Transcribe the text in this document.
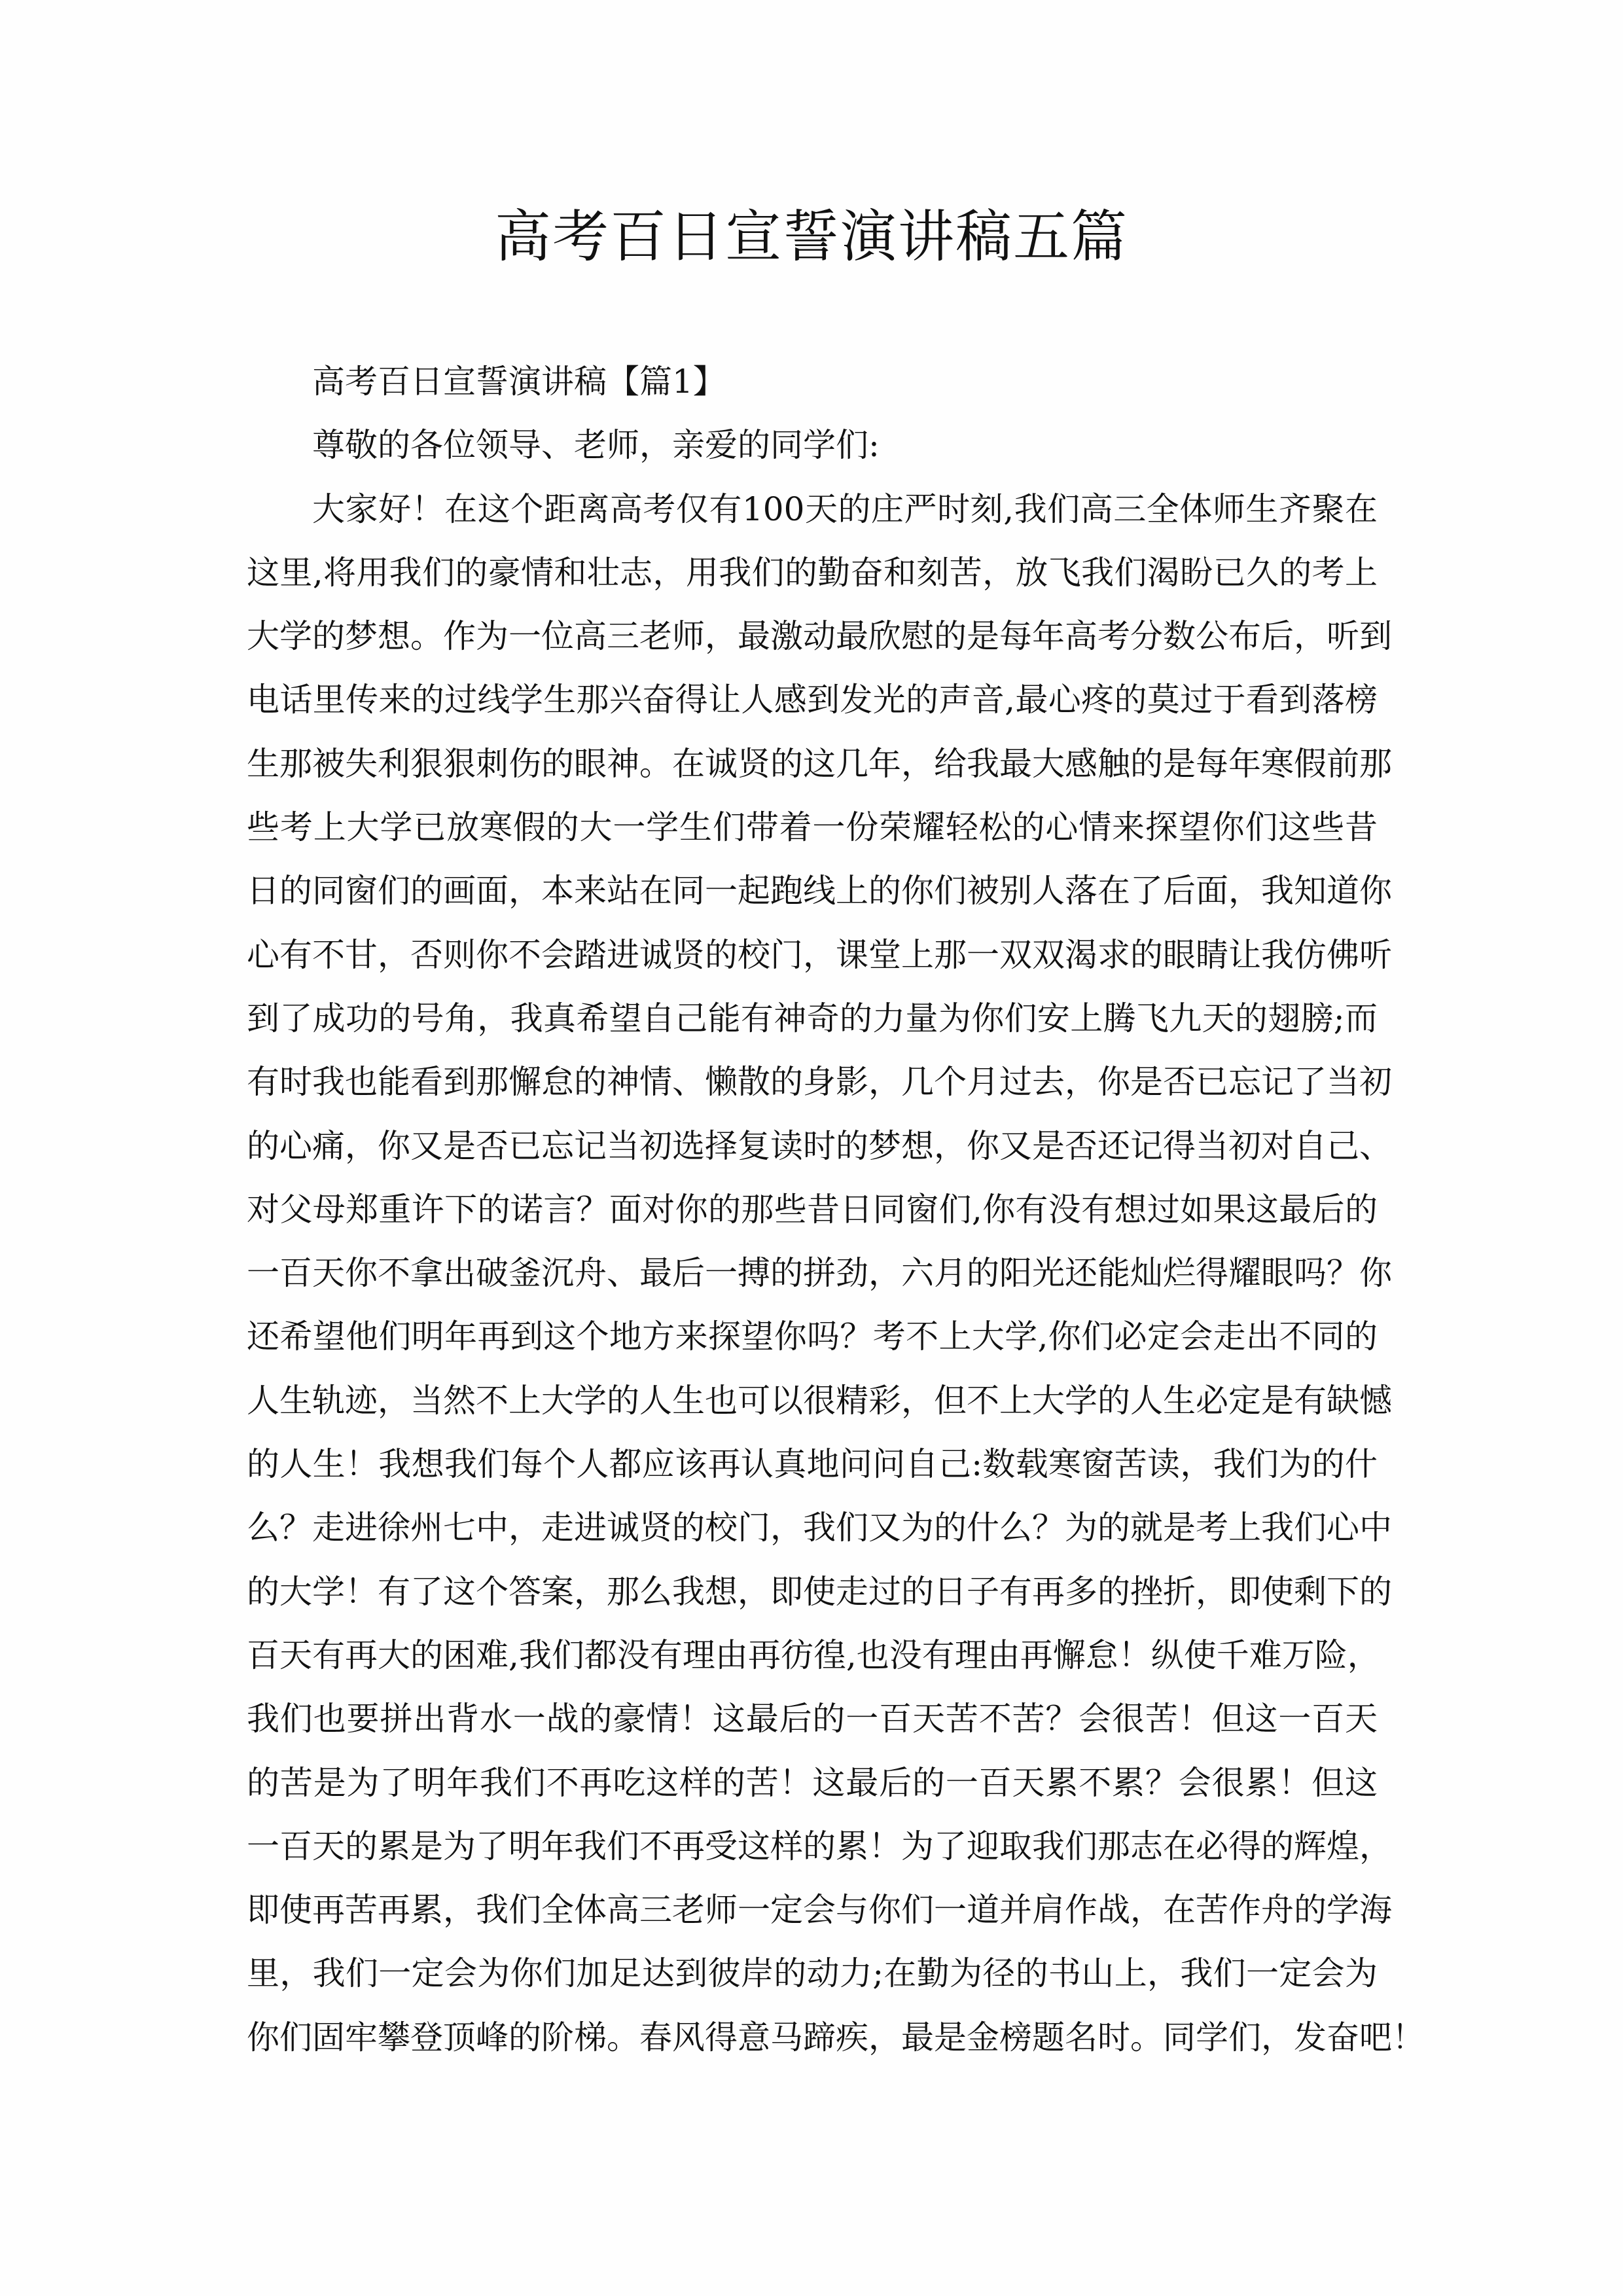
高考百日宣誓演讲稿五篇
高考百日宣誓演讲稿【篇1】
尊敬的各位领导、老师，亲爱的同学们:
大家好！在这个距离高考仅有100天的庄严时刻,我们高三全体师生齐聚在
这里,将用我们的豪情和壮志，用我们的勤奋和刻苦，放飞我们渴盼已久的考上
大学的梦想。作为一位高三老师，最激动最欣慰的是每年高考分数公布后，听到
电话里传来的过线学生那兴奋得让人感到发光的声音,最心疼的莫过于看到落榜
生那被失利狠狠刺伤的眼神。在诚贤的这几年，给我最大感触的是每年寒假前那
些考上大学已放寒假的大一学生们带着一份荣耀轻松的心情来探望你们这些昔
日的同窗们的画面，本来站在同一起跑线上的你们被别人落在了后面，我知道你
心有不甘，否则你不会踏进诚贤的校门，课堂上那一双双渴求的眼睛让我仿佛听
到了成功的号角，我真希望自己能有神奇的力量为你们安上腾飞九天的翅膀;而
有时我也能看到那懈怠的神情、懒散的身影，几个月过去，你是否已忘记了当初
的心痛，你又是否已忘记当初选择复读时的梦想，你又是否还记得当初对自己、
对父母郑重许下的诺言？面对你的那些昔日同窗们,你有没有想过如果这最后的
一百天你不拿出破釜沉舟、最后一搏的拼劲，六月的阳光还能灿烂得耀眼吗？你
还希望他们明年再到这个地方来探望你吗？考不上大学,你们必定会走出不同的
人生轨迹，当然不上大学的人生也可以很精彩，但不上大学的人生必定是有缺憾
的人生！我想我们每个人都应该再认真地问问自己:数载寒窗苦读，我们为的什
么？走进徐州七中，走进诚贤的校门，我们又为的什么？为的就是考上我们心中
的大学！有了这个答案，那么我想，即使走过的日子有再多的挫折，即使剩下的
百天有再大的困难,我们都没有理由再彷徨,也没有理由再懈怠！纵使千难万险，
我们也要拼出背水一战的豪情！这最后的一百天苦不苦？会很苦！但这一百天
的苦是为了明年我们不再吃这样的苦！这最后的一百天累不累？会很累！但这
一百天的累是为了明年我们不再受这样的累！为了迎取我们那志在必得的辉煌，
即使再苦再累，我们全体高三老师一定会与你们一道并肩作战，在苦作舟的学海
里，我们一定会为你们加足达到彼岸的动力;在勤为径的书山上，我们一定会为
你们固牢攀登顶峰的阶梯。春风得意马蹄疾，最是金榜题名时。同学们，发奋吧！
